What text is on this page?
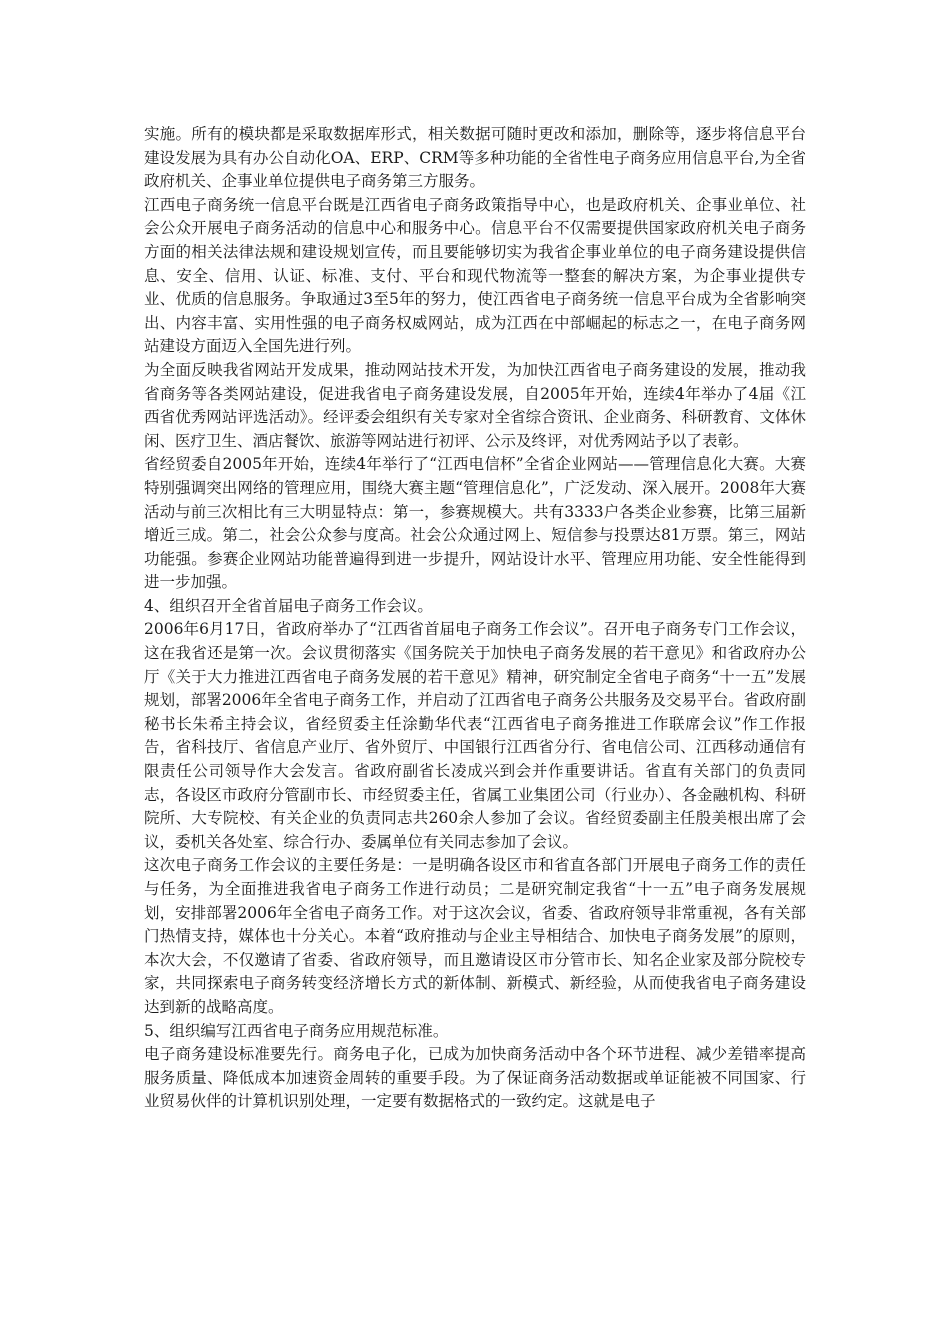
实施。所有的模块都是采取数据库形式，相关数据可随时更改和添加，删除等，逐步将信息平台建设发展为具有办公自动化OA、ERP、CRM等多种功能的全省性电子商务应用信息平台,为全省政府机关、企事业单位提供电子商务第三方服务。

江西电子商务统一信息平台既是江西省电子商务政策指导中心，也是政府机关、企事业单位、社会公众开展电子商务活动的信息中心和服务中心。信息平台不仅需要提供国家政府机关电子商务方面的相关法律法规和建设规划宣传，而且要能够切实为我省企事业单位的电子商务建设提供信息、安全、信用、认证、标准、支付、平台和现代物流等一整套的解决方案，为企事业提供专业、优质的信息服务。争取通过3至5年的努力，使江西省电子商务统一信息平台成为全省影响突出、内容丰富、实用性强的电子商务权威网站，成为江西在中部崛起的标志之一，在电子商务网站建设方面迈入全国先进行列。

为全面反映我省网站开发成果，推动网站技术开发，为加快江西省电子商务建设的发展，推动我省商务等各类网站建设，促进我省电子商务建设发展，自2005年开始，连续4年举办了4届《江西省优秀网站评选活动》。经评委会组织有关专家对全省综合资讯、企业商务、科研教育、文体休闲、医疗卫生、酒店餐饮、旅游等网站进行初评、公示及终评，对优秀网站予以了表彰。

省经贸委自2005年开始，连续4年举行了“江西电信杯”全省企业网站——管理信息化大赛。大赛特别强调突出网络的管理应用，围绕大赛主题“管理信息化”，广泛发动、深入展开。2008年大赛活动与前三次相比有三大明显特点：第一，参赛规模大。共有3333户各类企业参赛，比第三届新增近三成。第二，社会公众参与度高。社会公众通过网上、短信参与投票达81万票。第三，网站功能强。参赛企业网站功能普遍得到进一步提升，网站设计水平、管理应用功能、安全性能得到进一步加强。

4、组织召开全省首届电子商务工作会议。

2006年6月17日，省政府举办了“江西省首届电子商务工作会议”。召开电子商务专门工作会议，这在我省还是第一次。会议贯彻落实《国务院关于加快电子商务发展的若干意见》和省政府办公厅《关于大力推进江西省电子商务发展的若干意见》精神，研究制定全省电子商务“十一五”发展规划，部署2006年全省电子商务工作，并启动了江西省电子商务公共服务及交易平台。省政府副秘书长朱希主持会议，省经贸委主任涂勤华代表“江西省电子商务推进工作联席会议”作工作报告，省科技厅、省信息产业厅、省外贸厅、中国银行江西省分行、省电信公司、江西移动通信有限责任公司领导作大会发言。省政府副省长凌成兴到会并作重要讲话。省直有关部门的负责同志，各设区市政府分管副市长、市经贸委主任，省属工业集团公司（行业办）、各金融机构、科研院所、大专院校、有关企业的负责同志共260余人参加了会议。省经贸委副主任殷美根出席了会议，委机关各处室、综合行办、委属单位有关同志参加了会议。

这次电子商务工作会议的主要任务是：一是明确各设区市和省直各部门开展电子商务工作的责任与任务，为全面推进我省电子商务工作进行动员；二是研究制定我省“十一五”电子商务发展规划，安排部署2006年全省电子商务工作。对于这次会议，省委、省政府领导非常重视，各有关部门热情支持，媒体也十分关心。本着“政府推动与企业主导相结合、加快电子商务发展”的原则，本次大会，不仅邀请了省委、省政府领导，而且邀请设区市分管市长、知名企业家及部分院校专家，共同探索电子商务转变经济增长方式的新体制、新模式、新经验，从而使我省电子商务建设达到新的战略高度。

5、组织编写江西省电子商务应用规范标准。

电子商务建设标准要先行。商务电子化，已成为加快商务活动中各个环节进程、减少差错率提高服务质量、降低成本加速资金周转的重要手段。为了保证商务活动数据或单证能被不同国家、行业贸易伙伴的计算机识别处理，一定要有数据格式的一致约定。这就是电子
